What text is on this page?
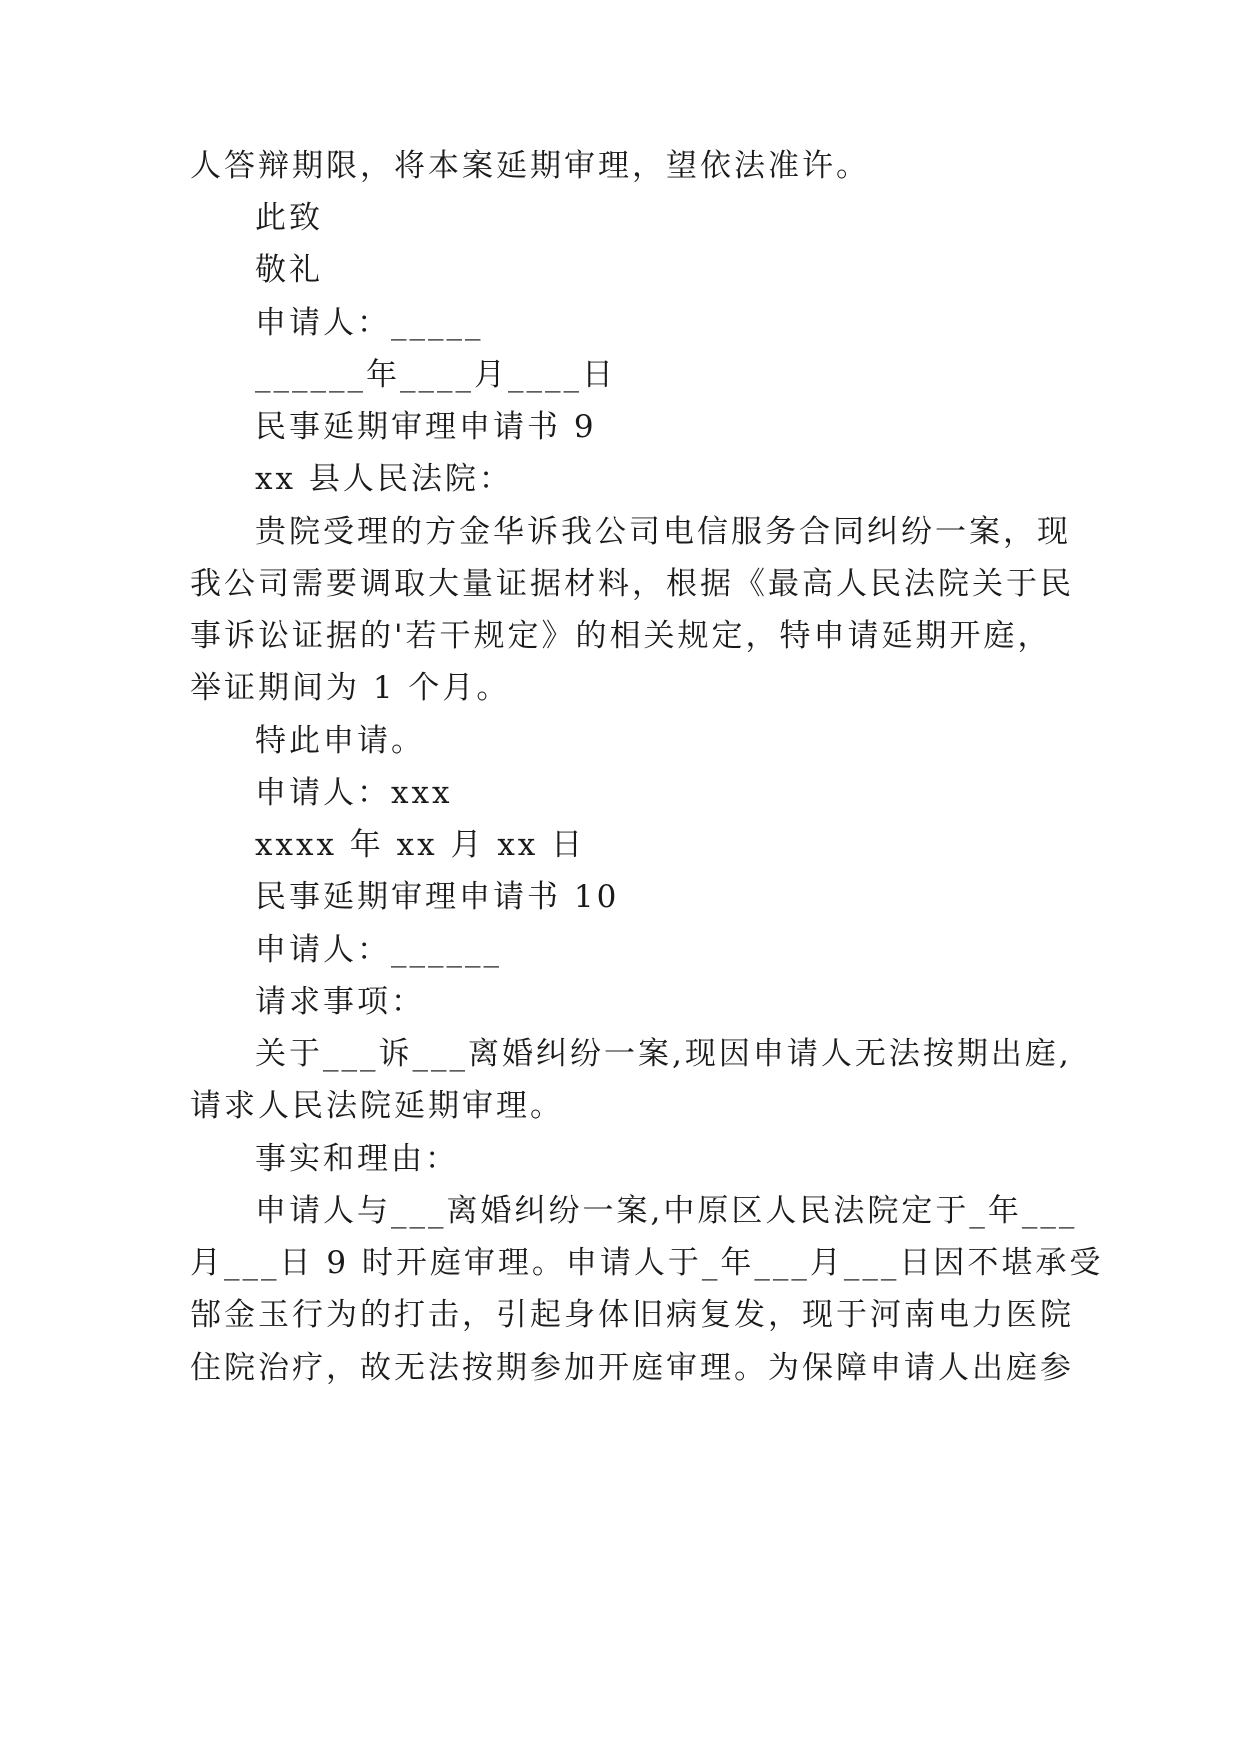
人答辩期限，将本案延期审理，望依法准许。
此致
敬礼
申请人：_____
______年____月____日
民事延期审理申请书 9
xx 县人民法院：
贵院受理的方金华诉我公司电信服务合同纠纷一案，现
我公司需要调取大量证据材料，根据《最高人民法院关于民
事诉讼证据的'若干规定》的相关规定，特申请延期开庭，
举证期间为 1 个月。
特此申请。
申请人：xxx
xxxx 年 xx 月 xx 日
民事延期审理申请书 10
申请人：______
请求事项：
关于___诉___离婚纠纷一案,现因申请人无法按期出庭,
请求人民法院延期审理。
事实和理由：
申请人与___离婚纠纷一案,中原区人民法院定于_年___
月___日 9 时开庭审理。申请人于_年___月___日因不堪承受
郜金玉行为的打击，引起身体旧病复发，现于河南电力医院
住院治疗，故无法按期参加开庭审理。为保障申请人出庭参
